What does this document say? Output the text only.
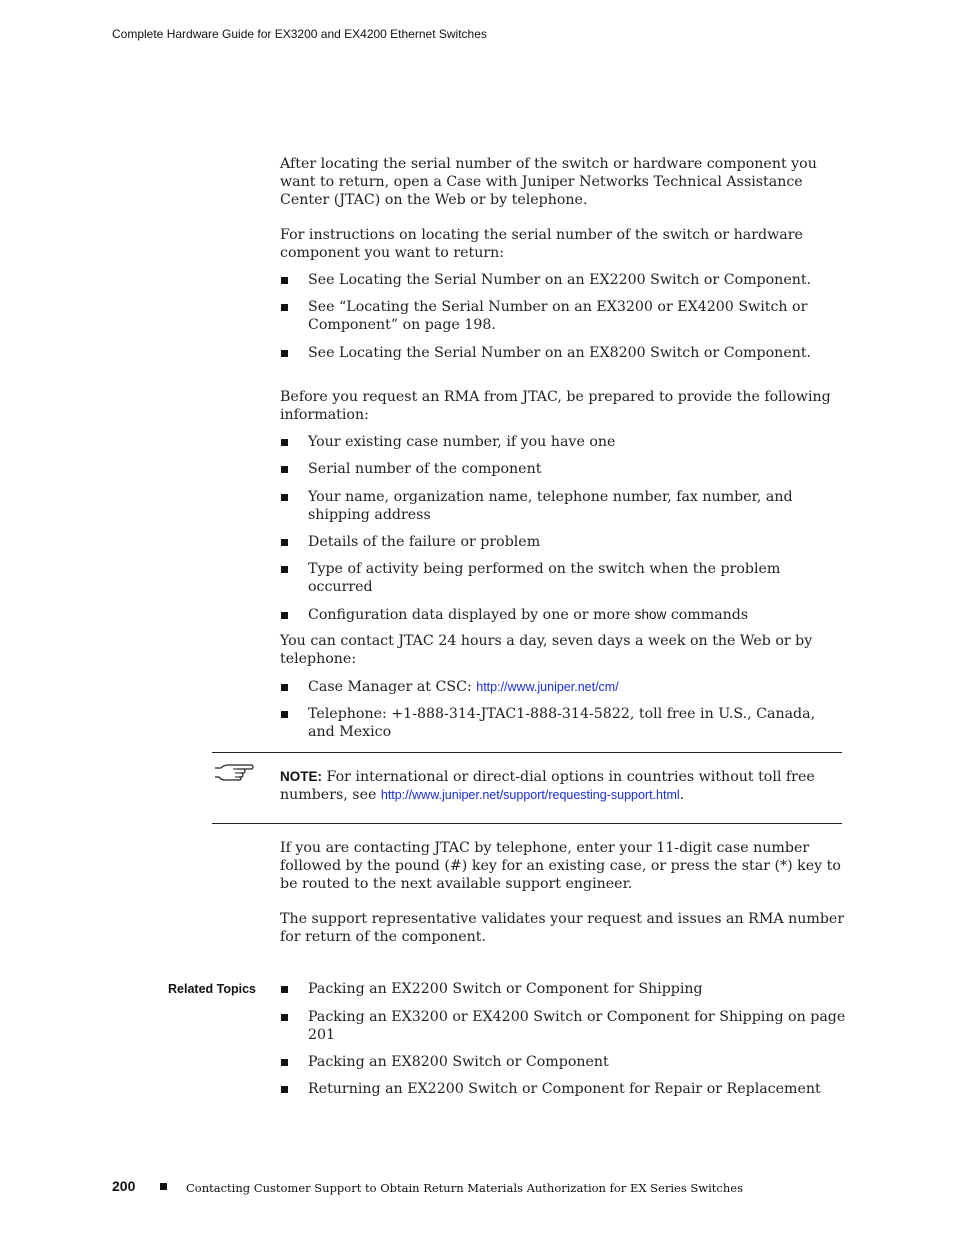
Complete Hardware Guide for EX3200 and EX4200 Ethernet Switches

After locating the serial number of the switch or hardware component you want to return, open a Case with Juniper Networks Technical Assistance Center (JTAC) on the Web or by telephone.

For instructions on locating the serial number of the switch or hardware component you want to return:

See Locating the Serial Number on an EX2200 Switch or Component.
See “Locating the Serial Number on an EX3200 or EX4200 Switch or Component” on page 198.
See Locating the Serial Number on an EX8200 Switch or Component.

Before you request an RMA from JTAC, be prepared to provide the following information:

Your existing case number, if you have one
Serial number of the component
Your name, organization name, telephone number, fax number, and shipping address
Details of the failure or problem
Type of activity being performed on the switch when the problem occurred
Configuration data displayed by one or more show commands

You can contact JTAC 24 hours a day, seven days a week on the Web or by telephone:

Case Manager at CSC: http://www.juniper.net/cm/
Telephone: +1-888-314-JTAC1-888-314-5822, toll free in U.S., Canada, and Mexico

NOTE: For international or direct-dial options in countries without toll free numbers, see http://www.juniper.net/support/requesting-support.html.

If you are contacting JTAC by telephone, enter your 11-digit case number followed by the pound (#) key for an existing case, or press the star (*) key to be routed to the next available support engineer.

The support representative validates your request and issues an RMA number for return of the component.

Related Topics	Packing an EX2200 Switch or Component for Shipping
Packing an EX3200 or EX4200 Switch or Component for Shipping on page 201
Packing an EX8200 Switch or Component
Returning an EX2200 Switch or Component for Repair or Replacement
200	Contacting Customer Support to Obtain Return Materials Authorization for EX Series Switches
